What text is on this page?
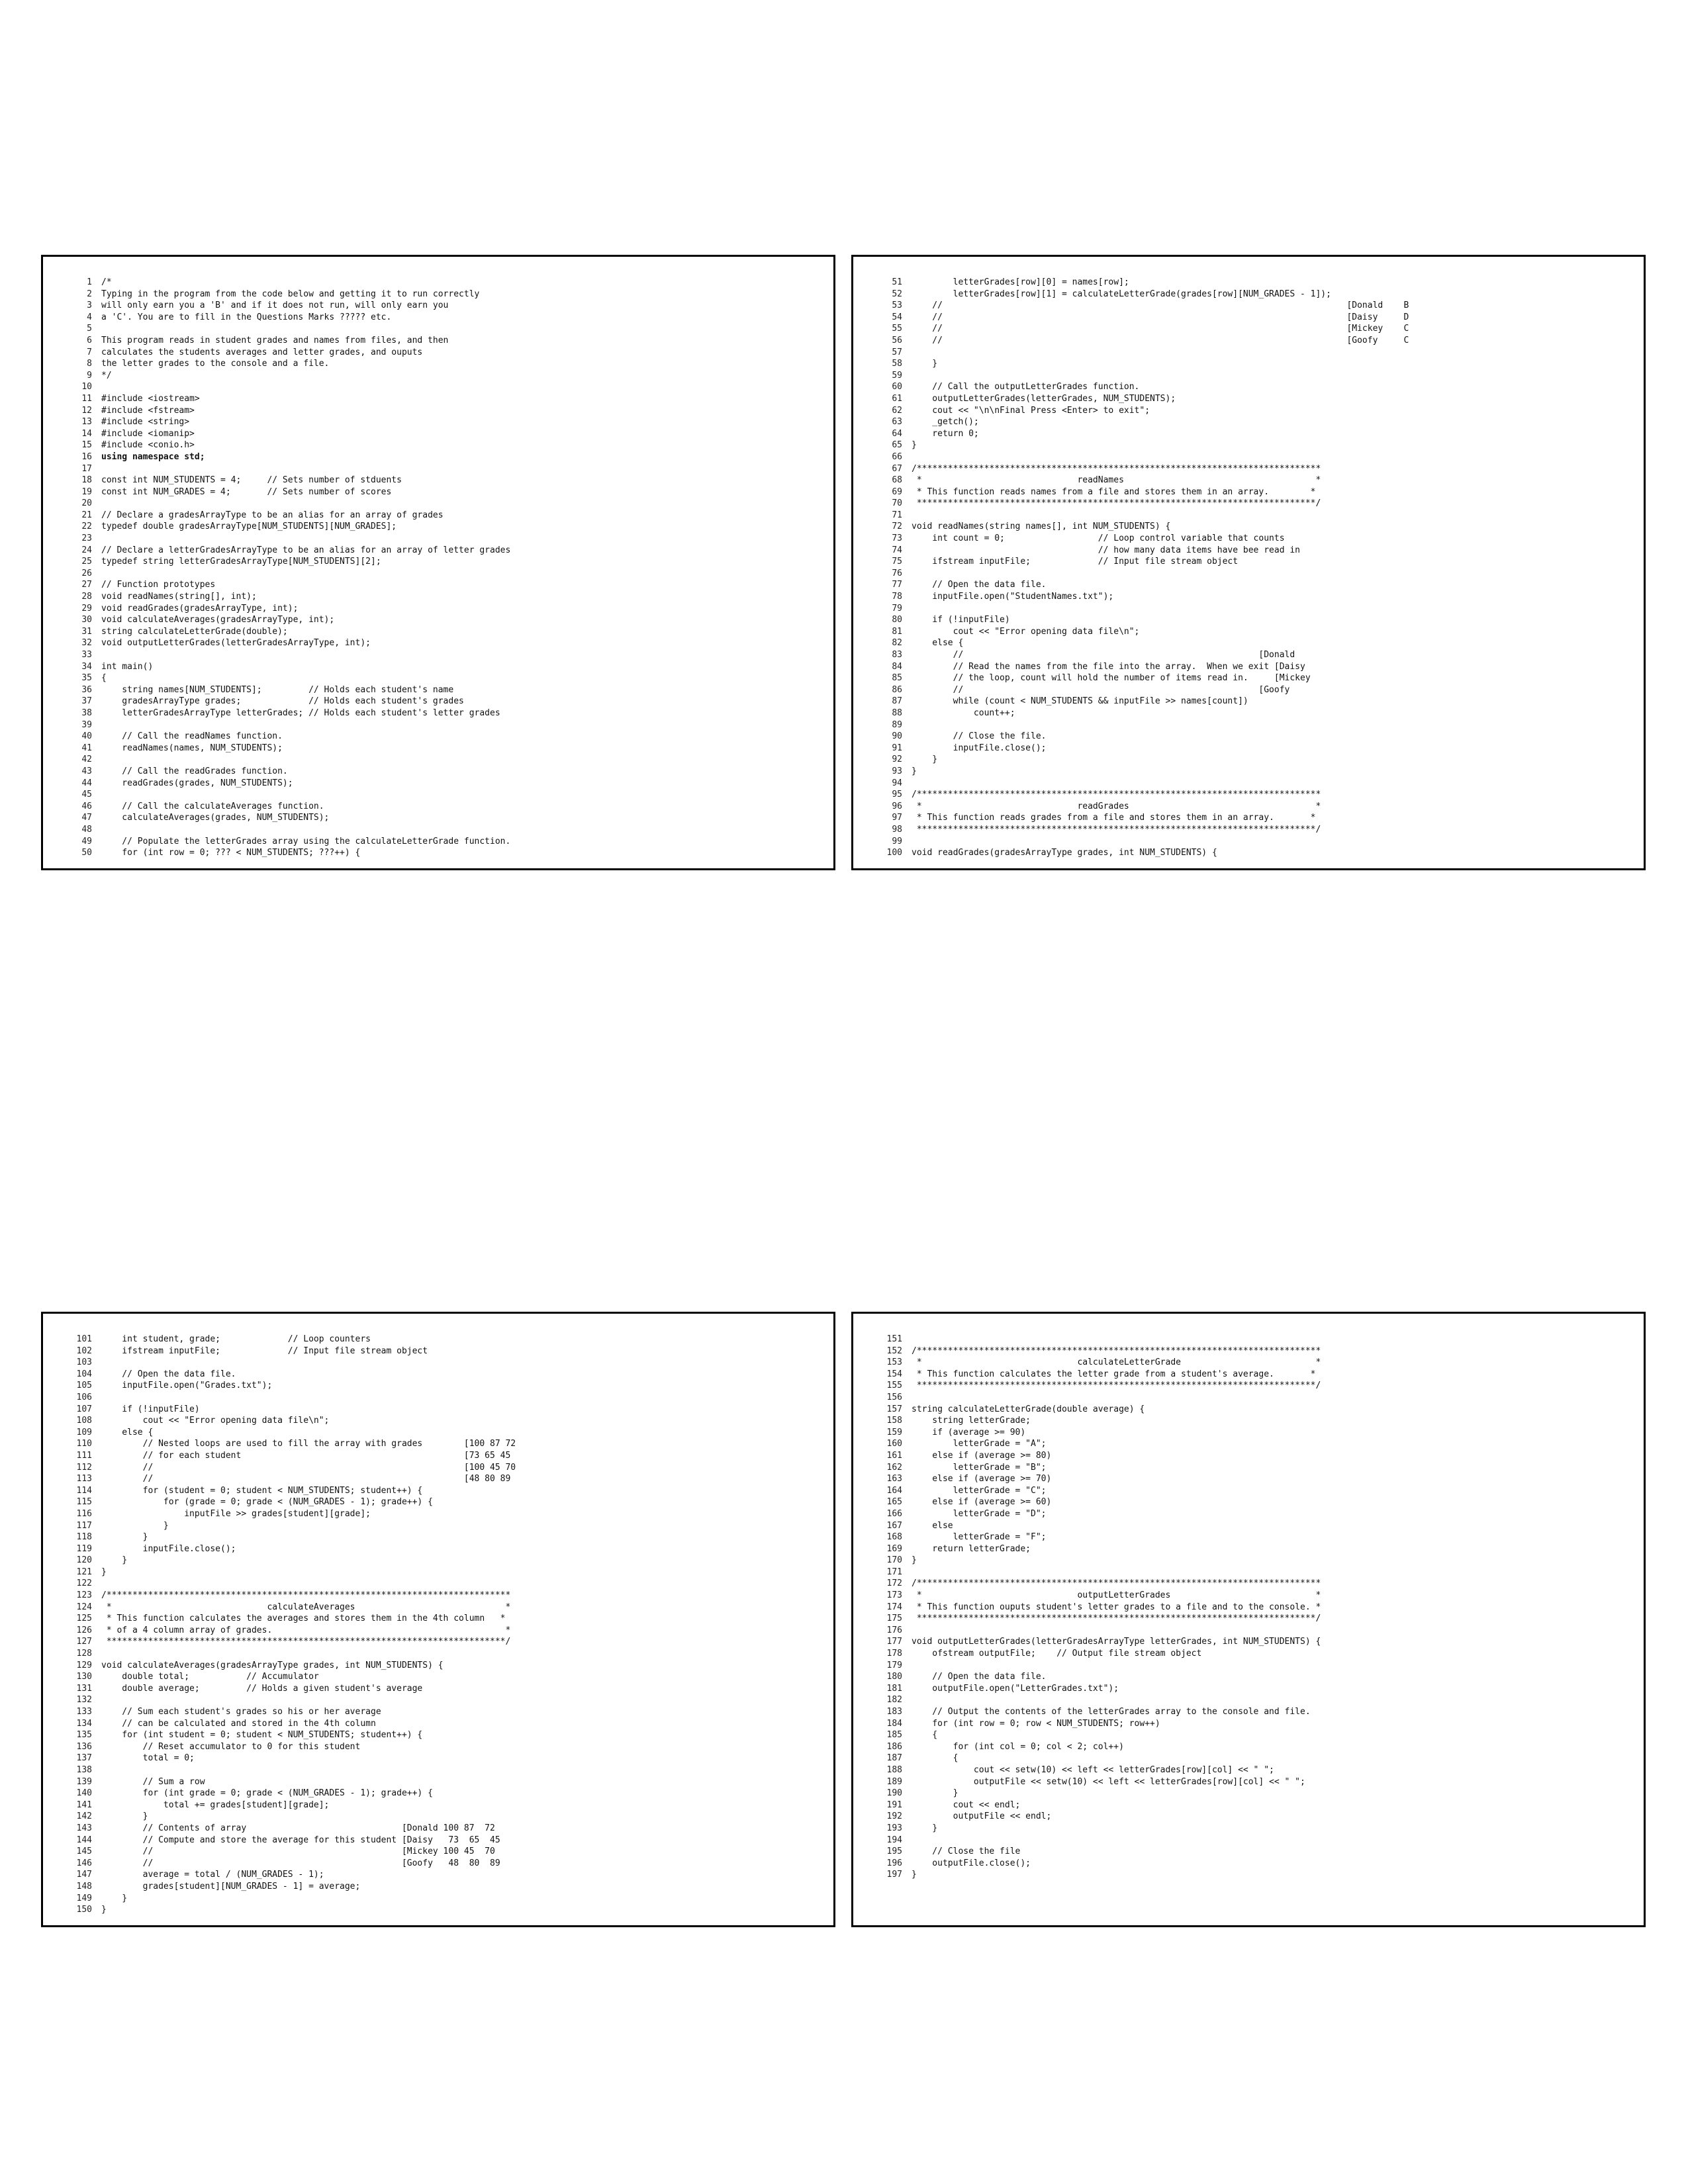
1 /*
2 Typing in the program from the code below and getting it to run correctly
3 will only earn you a 'B' and if it does not run, will only earn you
4 a 'C'. You are to fill in the Questions Marks ????? etc.
5
6 This program reads in student grades and names from files, and then
7 calculates the students averages and letter grades, and ouputs
8 the letter grades to the console and a file.
9 */
10
11 #include <iostream>
12 #include <fstream>
13 #include <string>
14 #include <iomanip>
15 #include <conio.h>
16 using namespace std;
17
18 const int NUM_STUDENTS = 4;     // Sets number of stduents
19 const int NUM_GRADES = 4;       // Sets number of scores
20
21 // Declare a gradesArrayType to be an alias for an array of grades
22 typedef double gradesArrayType[NUM_STUDENTS][NUM_GRADES];
23
24 // Declare a letterGradesArrayType to be an alias for an array of letter grades
25 typedef string letterGradesArrayType[NUM_STUDENTS][2];
26
27 // Function prototypes
28 void readNames(string[], int);
29 void readGrades(gradesArrayType, int);
30 void calculateAverages(gradesArrayType, int);
31 string calculateLetterGrade(double);
32 void outputLetterGrades(letterGradesArrayType, int);
33
34 int main()
35 {
36 string names[NUM_STUDENTS];         // Holds each student's name
37 gradesArrayType grades;             // Holds each student's grades
38 letterGradesArrayType letterGrades; // Holds each student's letter grades
39
40 // Call the readNames function.
41 readNames(names, NUM_STUDENTS);
42
43 // Call the readGrades function.
44 readGrades(grades, NUM_STUDENTS);
45
46 // Call the calculateAverages function.
47 calculateAverages(grades, NUM_STUDENTS);
48
49 // Populate the letterGrades array using the calculateLetterGrade function.
50 for (int row = 0; ??? < NUM_STUDENTS; ???++) {
51 letterGrades[row][0] = names[row];
52 letterGrades[row][1] = calculateLetterGrade(grades[row][NUM_GRADES - 1]);
53 //                                                                              [Donald    B
54 //                                                                              [Daisy     D
55 //                                                                              [Mickey    C
56 //                                                                              [Goofy     C
57
58 }
59
60 // Call the outputLetterGrades function.
61 outputLetterGrades(letterGrades, NUM_STUDENTS);
62 cout << "\n\nFinal Press <Enter> to exit";
63 _getch();
64 return 0;
65 }
66
67 /******************************************************************************
68 *                              readNames                                     *
69 * This function reads names from a file and stores them in an array.        *
70 *****************************************************************************/
71
72 void readNames(string names[], int NUM_STUDENTS) {
73 int count = 0;                  // Loop control variable that counts
74 // how many data items have bee read in
75 ifstream inputFile;             // Input file stream object
76
77 // Open the data file.
78 inputFile.open("StudentNames.txt");
79
80 if (!inputFile)
81 cout << "Error opening data file\n";
82 else {
83 //                                                         [Donald
84 // Read the names from the file into the array.  When we exit [Daisy
85 // the loop, count will hold the number of items read in.     [Mickey
86 //                                                         [Goofy
87 while (count < NUM_STUDENTS && inputFile >> names[count])
88 count++;
89
90 // Close the file.
91 inputFile.close();
92 }
93 }
94
95 /******************************************************************************
96 *                              readGrades                                    *
97 * This function reads grades from a file and stores them in an array.       *
98 *****************************************************************************/
99
100 void readGrades(gradesArrayType grades, int NUM_STUDENTS) {
101 int student, grade;             // Loop counters
102 ifstream inputFile;             // Input file stream object
103
104 // Open the data file.
105 inputFile.open("Grades.txt");
106
107 if (!inputFile)
108 cout << "Error opening data file\n";
109 else {
110 // Nested loops are used to fill the array with grades        [100 87 72
111 // for each student                                           [73 65 45
112 //                                                            [100 45 70
113 //                                                            [48 80 89
114 for (student = 0; student < NUM_STUDENTS; student++) {
115 for (grade = 0; grade < (NUM_GRADES - 1); grade++) {
116 inputFile >> grades[student][grade];
117 }
118 }
119 inputFile.close();
120 }
121 }
122
123 /******************************************************************************
124 *                              calculateAverages                             *
125 * This function calculates the averages and stores them in the 4th column   *
126 * of a 4 column array of grades.                                             *
127 *****************************************************************************/
128
129 void calculateAverages(gradesArrayType grades, int NUM_STUDENTS) {
130 double total;           // Accumulator
131 double average;         // Holds a given student's average
132
133 // Sum each student's grades so his or her average
134 // can be calculated and stored in the 4th column
135 for (int student = 0; student < NUM_STUDENTS; student++) {
136 // Reset accumulator to 0 for this student
137 total = 0;
138
139 // Sum a row
140 for (int grade = 0; grade < (NUM_GRADES - 1); grade++) {
141 total += grades[student][grade];
142 }
143 // Contents of array                              [Donald 100 87  72
144 // Compute and store the average for this student [Daisy   73  65  45
145 //                                                [Mickey 100 45  70
146 //                                                [Goofy   48  80  89
147 average = total / (NUM_GRADES - 1);
148 grades[student][NUM_GRADES - 1] = average;
149 }
150 }
151
152 /******************************************************************************
153 *                              calculateLetterGrade                          *
154 * This function calculates the letter grade from a student's average.       *
155 *****************************************************************************/
156
157 string calculateLetterGrade(double average) {
158 string letterGrade;
159 if (average >= 90)
160 letterGrade = "A";
161 else if (average >= 80)
162 letterGrade = "B";
163 else if (average >= 70)
164 letterGrade = "C";
165 else if (average >= 60)
166 letterGrade = "D";
167 else
168 letterGrade = "F";
169 return letterGrade;
170 }
171
172 /******************************************************************************
173 *                              outputLetterGrades                            *
174 * This function ouputs student's letter grades to a file and to the console. *
175 *****************************************************************************/
176
177 void outputLetterGrades(letterGradesArrayType letterGrades, int NUM_STUDENTS) {
178 ofstream outputFile;    // Output file stream object
179
180 // Open the data file.
181 outputFile.open("LetterGrades.txt");
182
183 // Output the contents of the letterGrades array to the console and file.
184 for (int row = 0; row < NUM_STUDENTS; row++)
185 {
186 for (int col = 0; col < 2; col++)
187 {
188 cout << setw(10) << left << letterGrades[row][col] << " ";
189 outputFile << setw(10) << left << letterGrades[row][col] << " ";
190 }
191 cout << endl;
192 outputFile << endl;
193 }
194
195 // Close the file
196 outputFile.close();
197 }
